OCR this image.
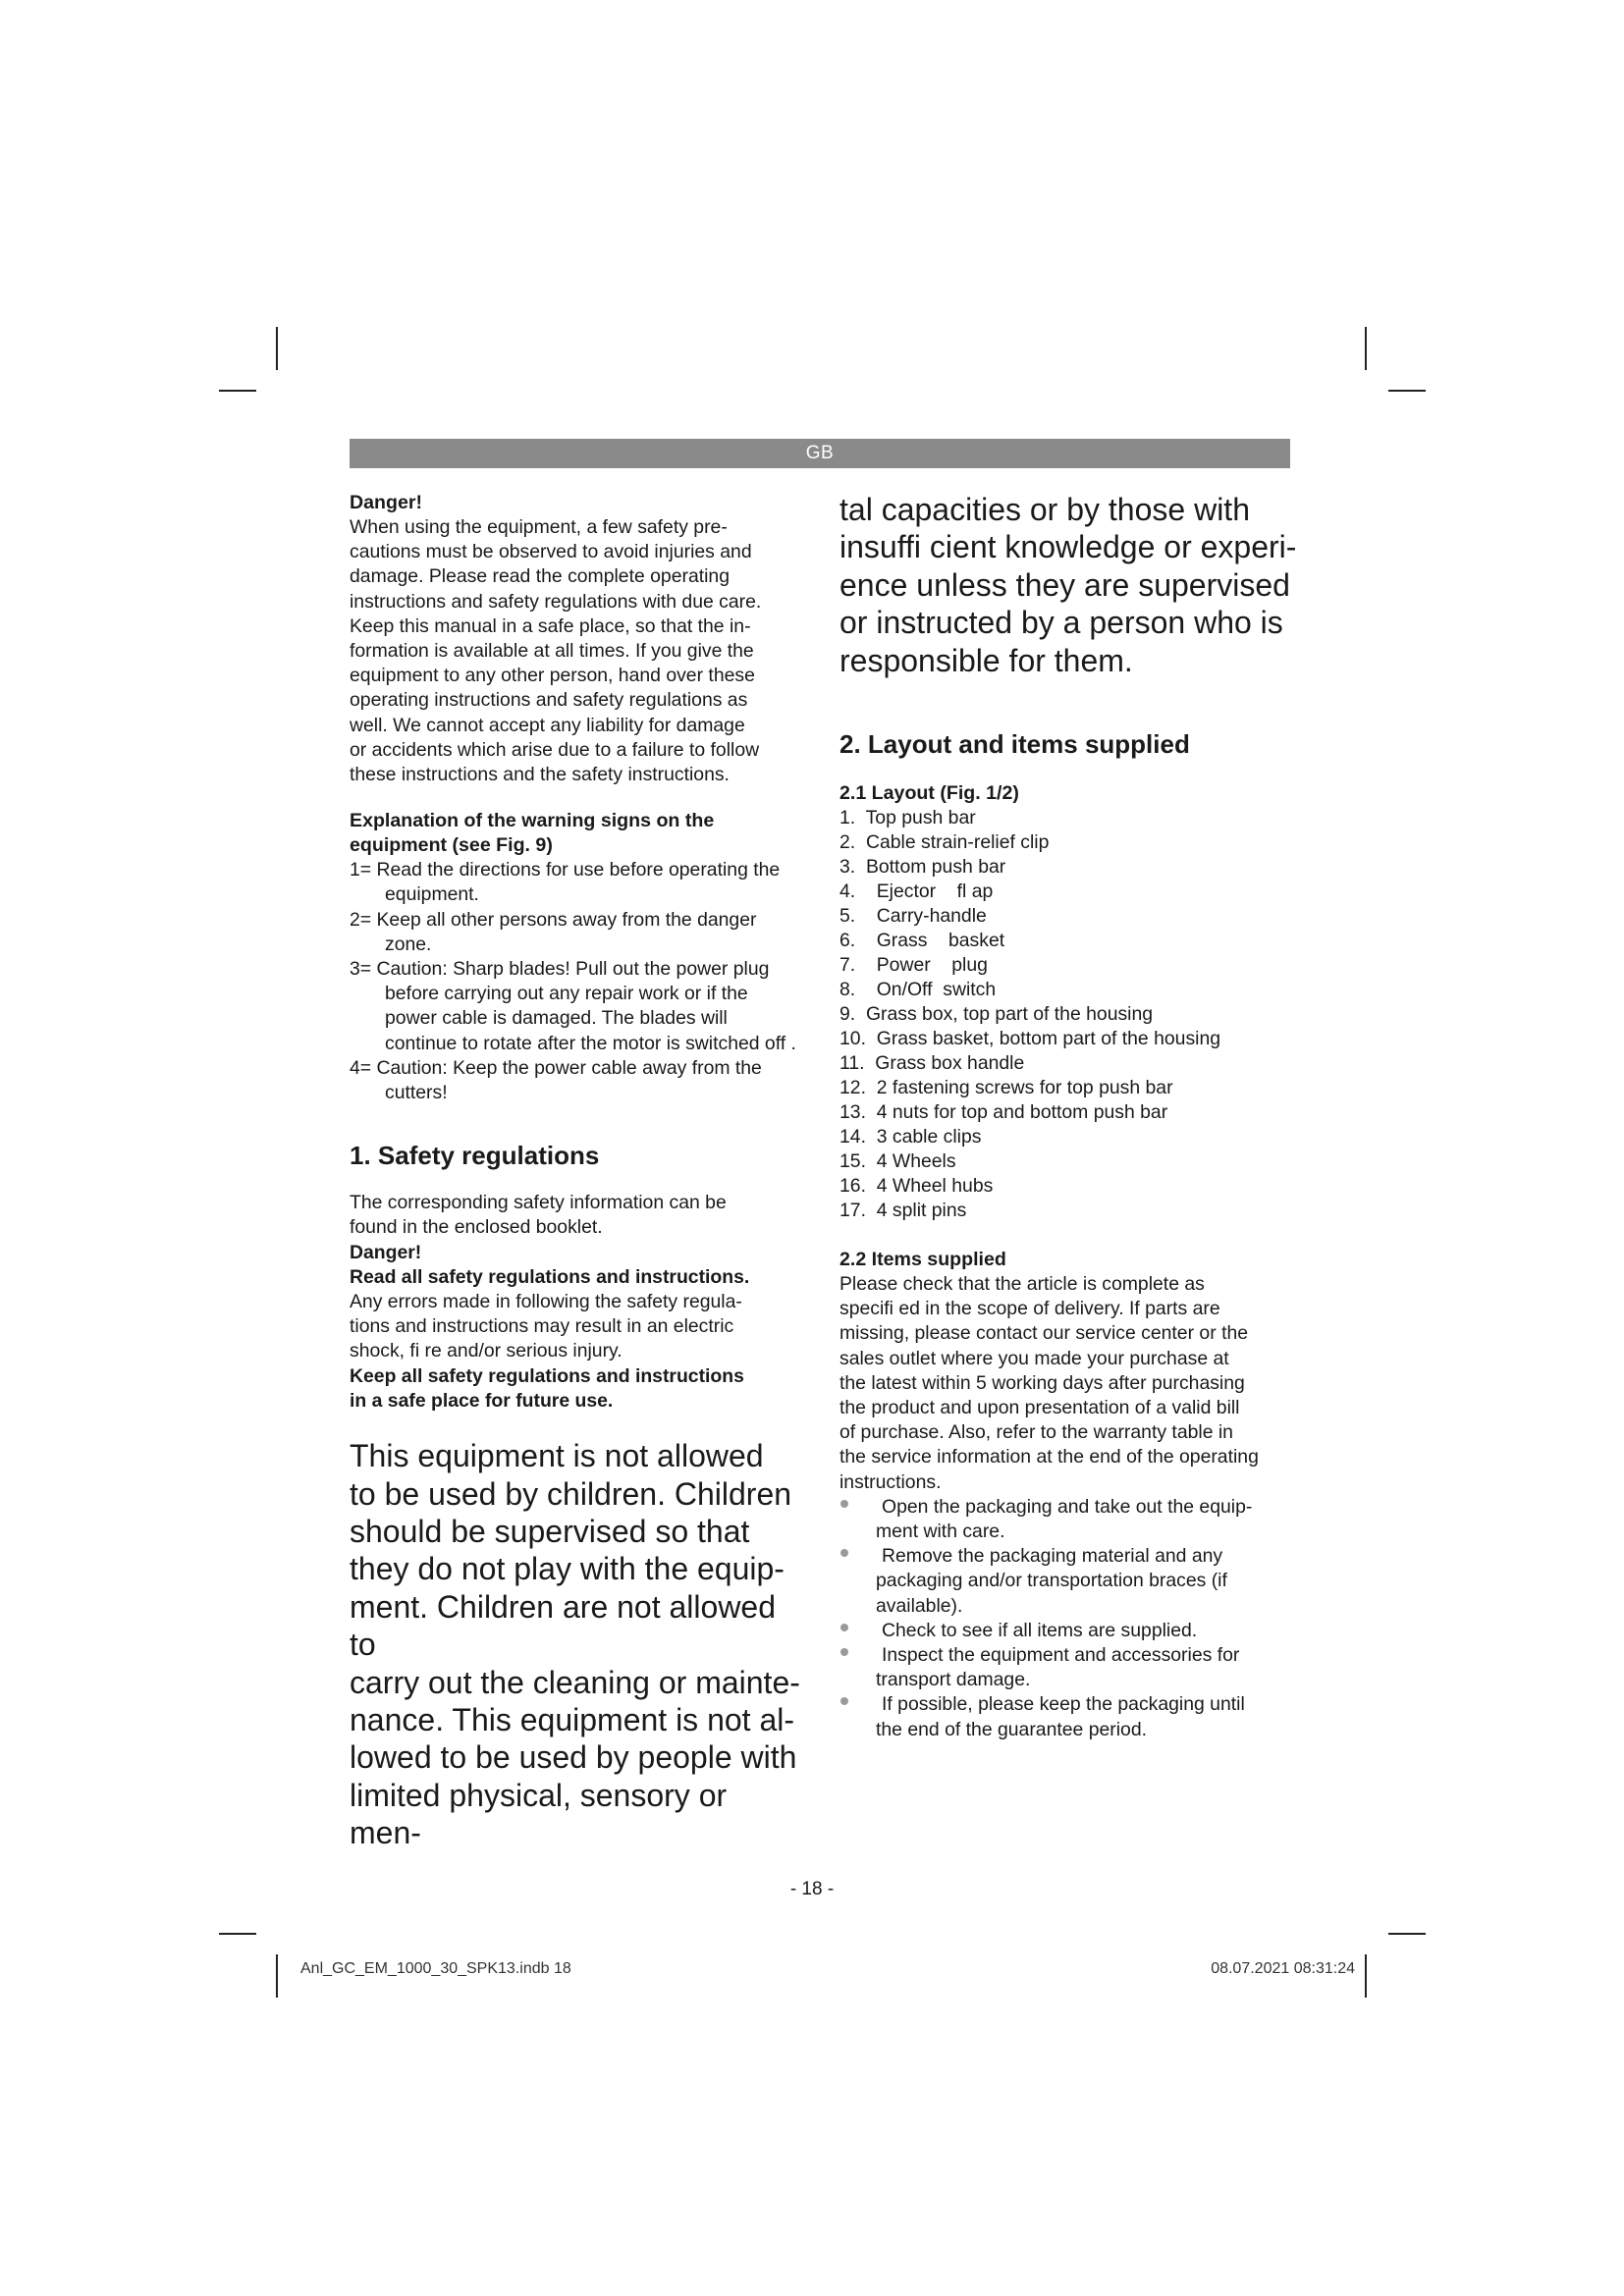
GB

Danger!

When using the equipment, a few safety pre-
cautions must be observed to avoid injuries and
damage. Please read the complete operating
instructions and safety regulations with due care.
Keep this manual in a safe place, so that the in-
formation is available at all times. If you give the
equipment to any other person, hand over these
operating instructions and safety regulations as
well. We cannot accept any liability for damage
or accidents which arise due to a failure to follow
these instructions and the safety instructions.

Explanation of the warning signs on the
equipment (see Fig. 9)

1= Read the directions for use before operating the equipment.
2= Keep all other persons away from the danger zone.
3= Caution: Sharp blades! Pull out the power plug before carrying out any repair work or if the power cable is damaged. The blades will continue to rotate after the motor is switched off .
4= Caution: Keep the power cable away from the cutters!

1. Safety regulations

The corresponding safety information can be
found in the enclosed booklet.

Danger!

Read all safety regulations and instructions.

Any errors made in following the safety regula-
tions and instructions may result in an electric
shock, fi re and/or serious injury.

Keep all safety regulations and instructions
in a safe place for future use.

This equipment is not allowed
to be used by children. Children
should be supervised so that
they do not play with the equip-
ment. Children are not allowed to
carry out the cleaning or mainte-
nance. This equipment is not al-
lowed to be used by people with
limited physical, sensory or men-

tal capacities or by those with
insuffi cient knowledge or experi-
ence unless they are supervised
or instructed by a person who is
responsible for them.

2. Layout and items supplied

2.1 Layout (Fig. 1/2)

1.  Top push bar
2.  Cable strain-relief clip
3.  Bottom push bar
4.    Ejector    fl ap
5.    Carry-handle
6.    Grass    basket
7.    Power    plug
8.    On/Off  switch
9.  Grass box, top part of the housing
10.  Grass basket, bottom part of the housing
11.  Grass box handle
12.  2 fastening screws for top push bar
13.  4 nuts for top and bottom push bar
14.  3 cable clips
15.  4 Wheels
16.  4 Wheel hubs
17.  4 split pins

2.2 Items supplied

Please check that the article is complete as
specifi ed in the scope of delivery. If parts are
missing, please contact our service center or the
sales outlet where you made your purchase at
the latest within 5 working days after purchasing
the product and upon presentation of a valid bill
of purchase. Also, refer to the warranty table in
the service information at the end of the operating
instructions.

Open the packaging and take out the equip-
ment with care.
Remove the packaging material and any
packaging and/or transportation braces (if
available).
Check to see if all items are supplied.
Inspect the equipment and accessories for
transport damage.
If possible, please keep the packaging until
the end of the guarantee period.
- 18 -
Anl_GC_EM_1000_30_SPK13.indb 18	08.07.2021 08:31:24
